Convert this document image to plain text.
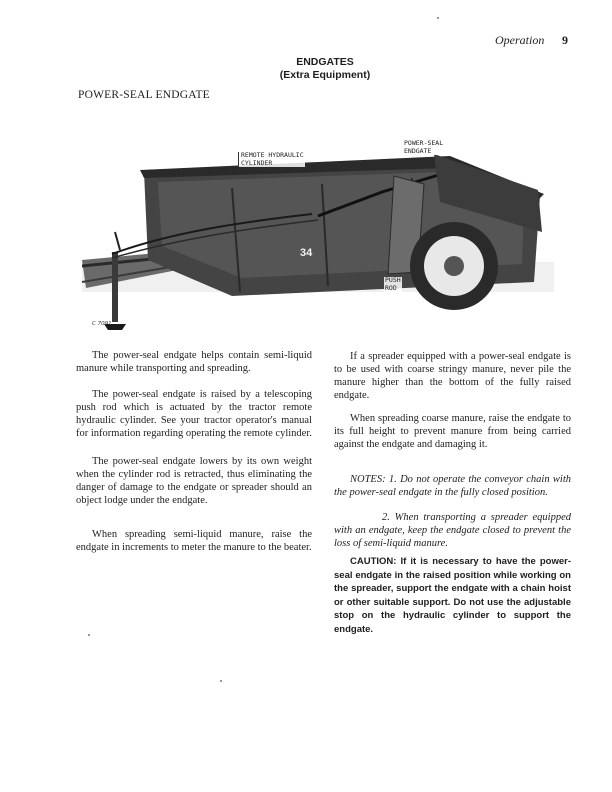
Operation 9
ENDGATES
(Extra Equipment)
POWER-SEAL ENDGATE
34
REMOTE HYDRAULIC
CYLINDER
POWER-SEAL
ENDGATE
PUSH
ROD
C 7091
The power-seal endgate helps contain semi-liquid manure while transporting and spreading.
The power-seal endgate is raised by a telescoping push rod which is actuated by the tractor remote hydraulic cylinder. See your tractor operator's manual for information regarding operating the remote cylinder.
The power-seal endgate lowers by its own weight when the cylinder rod is retracted, thus eliminating the danger of damage to the endgate or spreader should an object lodge under the endgate.
When spreading semi-liquid manure, raise the endgate in increments to meter the manure to the beater.
If a spreader equipped with a power-seal endgate is to be used with coarse stringy manure, never pile the manure higher than the bottom of the fully raised endgate.
When spreading coarse manure, raise the endgate to its full height to prevent manure from being carried against the endgate and damaging it.
NOTES: 1. Do not operate the conveyor chain with the power-seal endgate in the fully closed position.
2. When transporting a spreader equipped with an endgate, keep the endgate closed to prevent the loss of semi-liquid manure.
CAUTION: If it is necessary to have the power-seal endgate in the raised position while working on the spreader, support the endgate with a chain hoist or other suitable support. Do not use the adjustable stop on the hydraulic cylinder to support the endgate.
